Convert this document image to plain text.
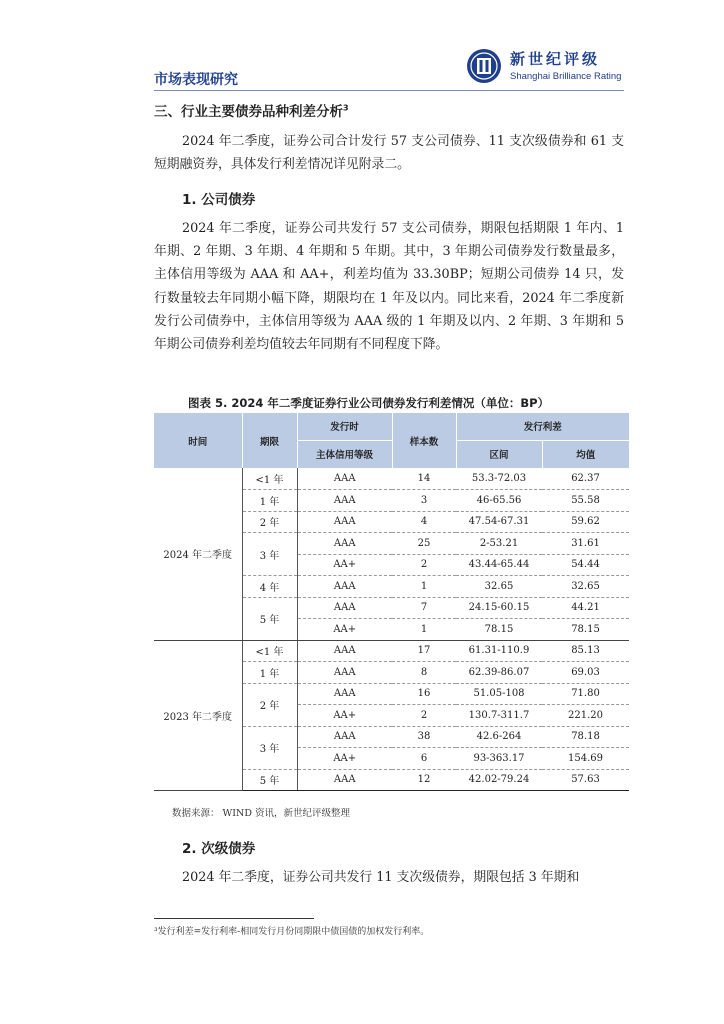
市场表现研究
新世纪评级
Shanghai Brilliance Rating
三、行业主要债券品种利差分析$^3$
2024 年二季度，证券公司合计发行 57 支公司债券、11 支次级债券和 61 支短期融资券，具体发行利差情况详见附录二。
1. 公司债券
2024 年二季度，证券公司共发行 57 支公司债券，期限包括期限 1 年内、1 年期、2 年期、3 年期、4 年期和 5 年期。其中，3 年期公司债券发行数量最多，主体信用等级为 AAA 和 AA+，利差均值为 33.30BP；短期公司债券 14 只，发行数量较去年同期小幅下降，期限均在 1 年及以内。同比来看，2024 年二季度新发行公司债券中，主体信用等级为 AAA 级的 1 年期及以内、2 年期、3 年期和 5 年期公司债券利差均值较去年同期有不同程度下降。
图表 5. 2024 年二季度证券行业公司债券发行利差情况（单位：BP）
时间	期限	发行时	样本数	发行利差	
		主体信用等级		区间	均值
2024 年二季度	<1 年	AAA	14	53.3-72.03	62.37
	1 年	AAA	3	46-65.56	55.58
	2 年	AAA	4	47.54-67.31	59.62
	3 年	AAA	25	2-53.21	31.61
		AA+	2	43.44-65.44	54.44
	4 年	AAA	1	32.65	32.65
	5 年	AAA	7	24.15-60.15	44.21
		AA+	1	78.15	78.15
2023 年二季度	<1 年	AAA	17	61.31-110.9	85.13
	1 年	AAA	8	62.39-86.07	69.03
	2 年	AAA	16	51.05-108	71.80
		AA+	2	130.7-311.7	221.20
	3 年	AAA	38	42.6-264	78.18
		AA+	6	93-363.17	154.69
	5 年	AAA	12	42.02-79.24	57.63
数据来源： WIND 资讯，新世纪评级整理
2. 次级债券
2024 年二季度，证券公司共发行 11 支次级债券，期限包括 3 年期和
³发行利差=发行利率-相同发行月份同期限中债国债的加权发行利率。
